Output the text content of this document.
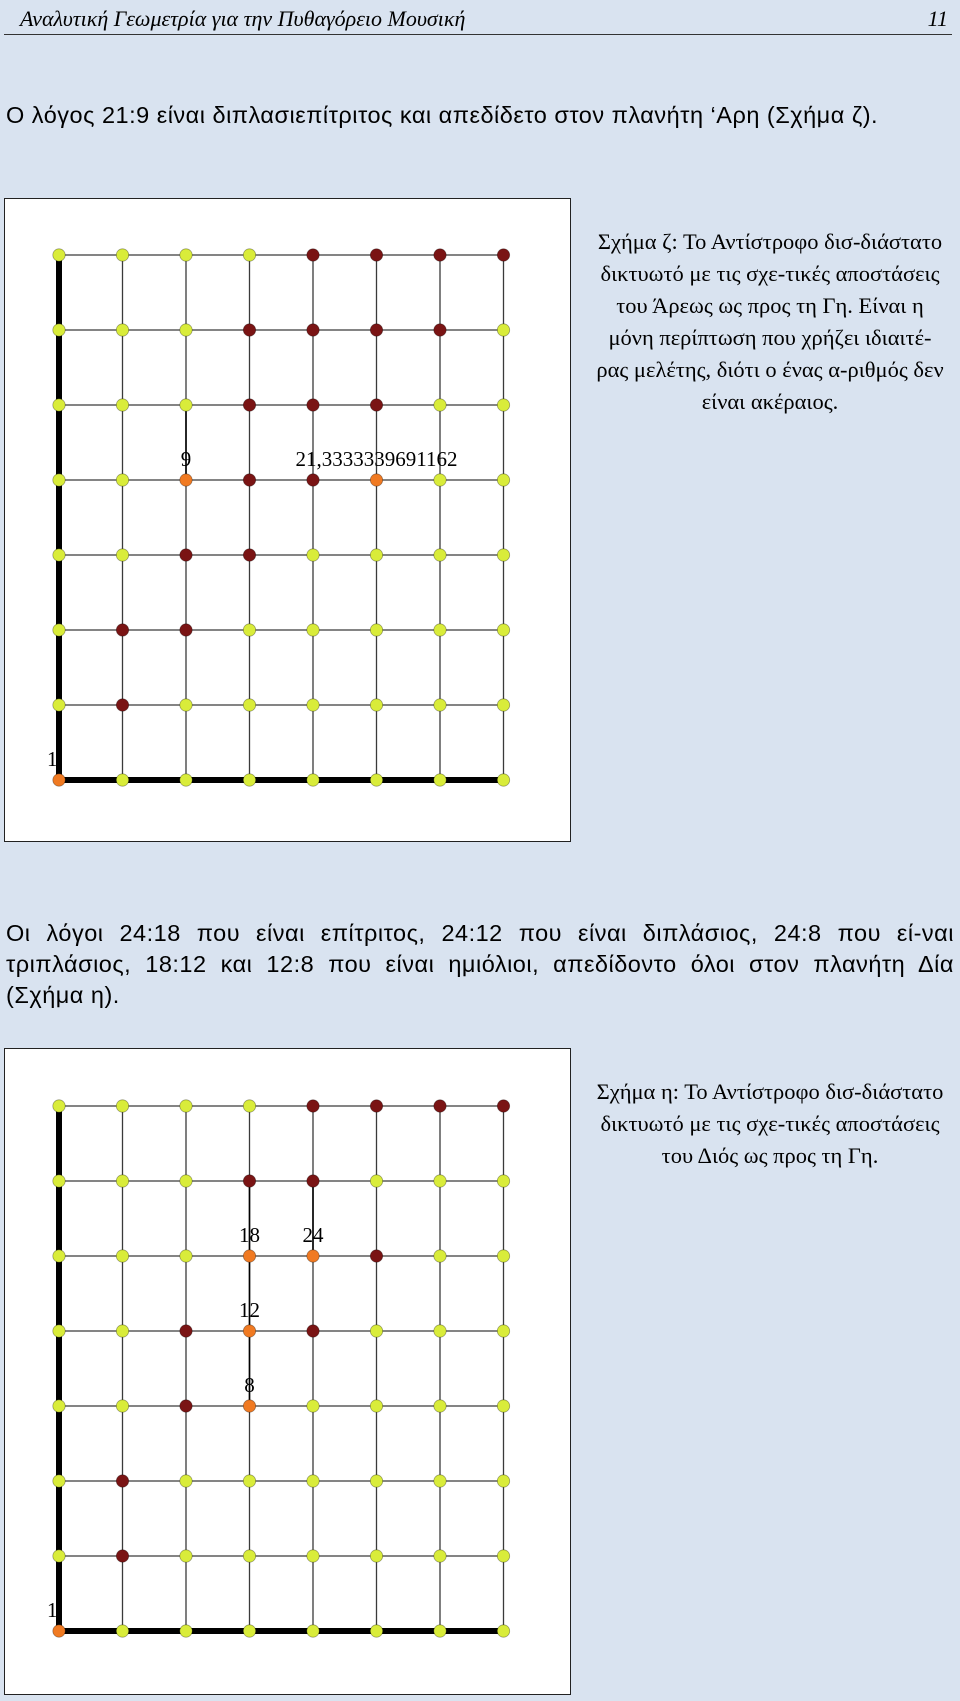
Αναλυτική Γεωμετρία για την Πυθαγόρειο Μουσική	11

Ο λόγος 21:9 είναι διπλασιεπίτριτος και απεδίδετο στον πλανήτη ‘Αρη (Σχήμα ζ).

1
9	21,3333339691162
Σχήμα ζ: Το Αντίστροφο δισ-διάστατο δικτυωτό με τις σχε-τικές αποστάσεις του Άρεως ως προς τη Γη. Είναι η μόνη περίπτωση που χρήζει ιδιαιτέ-ρας μελέτης, διότι ο ένας α-ριθμός δεν είναι ακέραιος.

Οι λόγοι 24:18 που είναι επίτριτος, 24:12 που είναι διπλάσιος, 24:8 που εί-ναι τριπλάσιος, 18:12 και 12:8 που είναι ημιόλιοι, απεδίδοντο όλοι στον πλανήτη Δία (Σχήμα η).

1
18 24
12
8
Σχήμα η: Το Αντίστροφο δισ-διάστατο δικτυωτό με τις σχε-τικές αποστάσεις του Διός ως προς τη Γη.
